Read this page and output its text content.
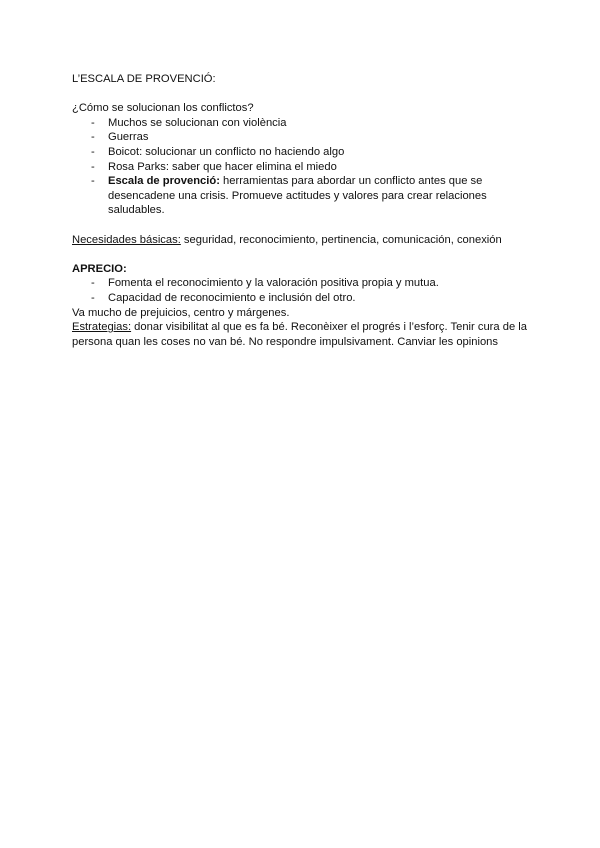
L’ESCALA DE PROVENCIÓ:

¿Cómo se solucionan los conflictos?

- Muchos se solucionan con violència
- Guerras
- Boicot: solucionar un conflicto no haciendo algo
- Rosa Parks: saber que hacer elimina el miedo
- Escala de provenció: herramientas para abordar un conflicto antes que se desencadene una crisis. Promueve actitudes y valores para crear relaciones saludables.

Necesidades básicas: seguridad, reconocimiento, pertinencia, comunicación, conexión

APRECIO:

- Fomenta el reconocimiento y la valoración positiva propia y mutua.
- Capacidad de reconocimiento e inclusión del otro.

Va mucho de prejuicios, centro y márgenes.

Estrategias: donar visibilitat al que es fa bé. Reconèixer el progrés i l’esforç. Tenir cura de la persona quan les coses no van bé. No respondre impulsivament. Canviar les opinions
